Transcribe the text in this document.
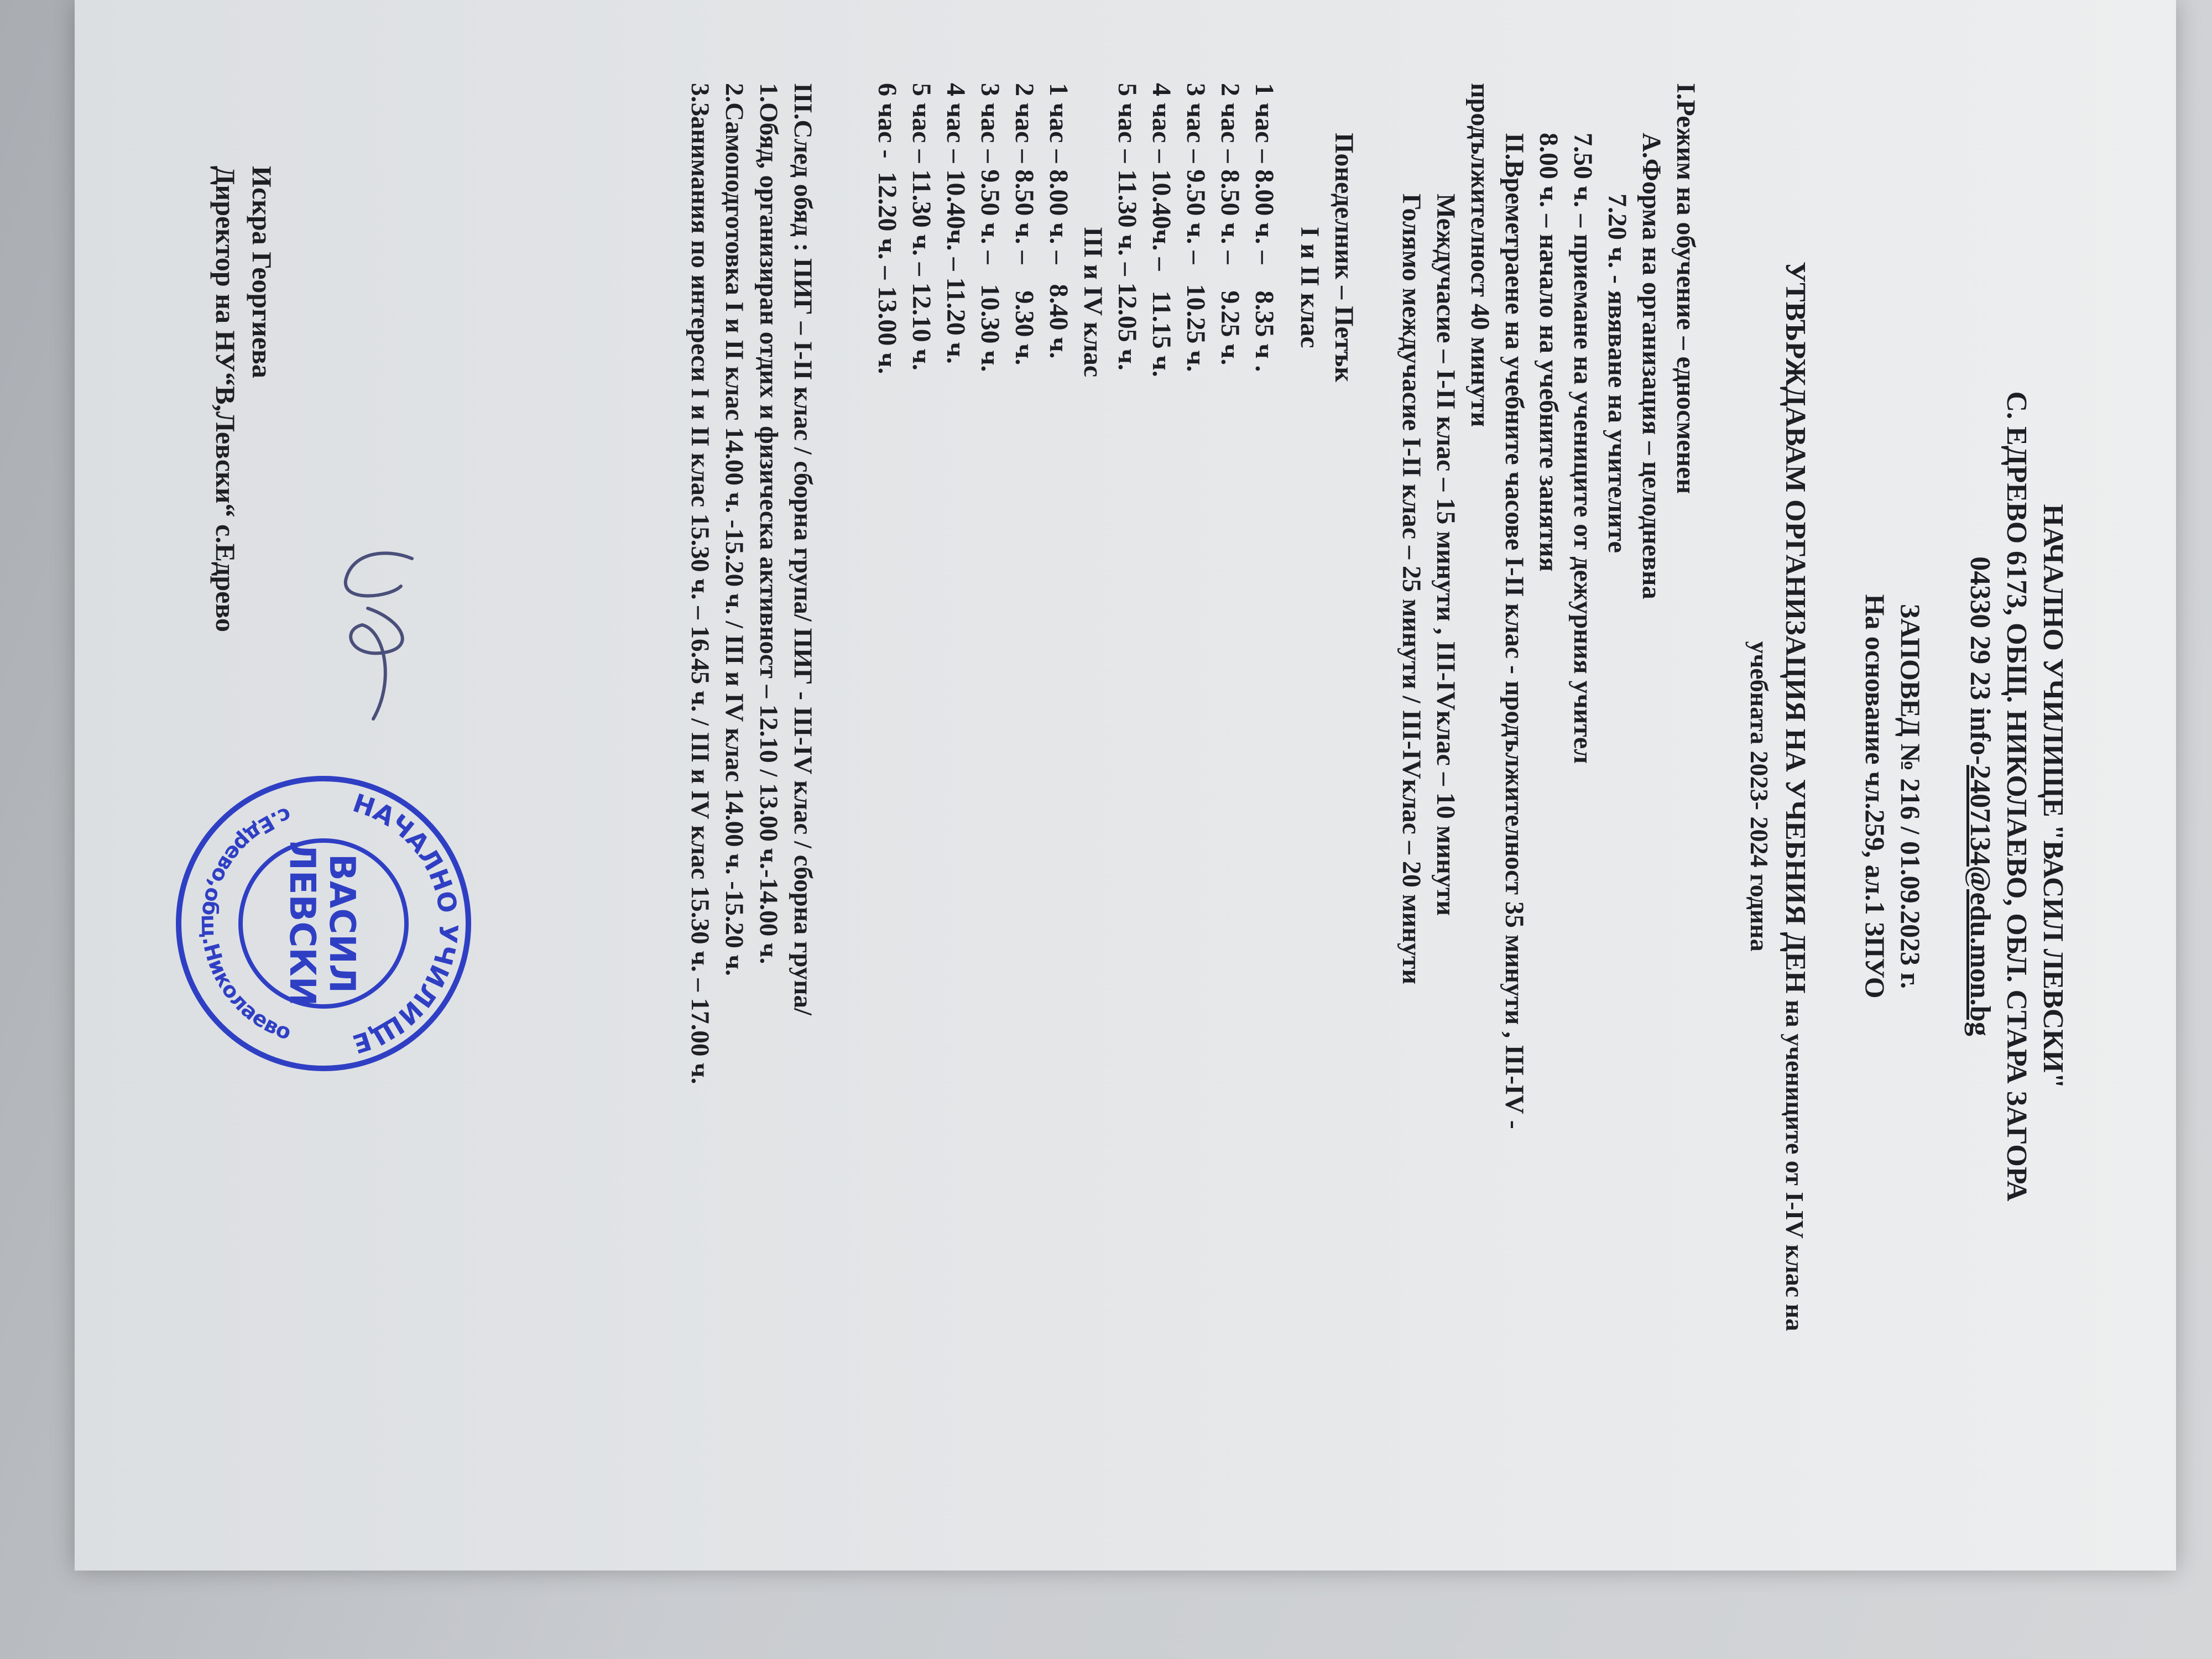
НАЧАЛНО УЧИЛИЩЕ "ВАСИЛ ЛЕВСКИ"
С. ЕДРЕВО 6173, ОБЩ. НИКОЛАЕВО, ОБЛ. СТАРА ЗАГОРА
04330 29 23 info-2407134@edu.mon.bg
ЗАПОВЕД № 216 / 01.09.2023 г.
На основание чл.259, ал.1 ЗПУО
УТВЪРЖДАВАМ ОРГАНИЗАЦИЯ НА УЧЕБНИЯ ДЕН на учениците от I-IV клас на
учебната 2023- 2024 година
I.Режим на обучение – едносменен
А.Форма на организация – целодневна
7.20 ч. - явяване на учителите
7.50 ч. – приемане на учениците от дежурния учител
8.00 ч. – начало на учебните занятия
II.Времетраене на учебните часове I-II клас - продължителност 35 минути , III-IV -
продължителност 40 минути
Междучасие – I-II клас – 15 минути , III-IVклас – 10 минути
Голямо междучасие I-II клас – 25 минути / III-IVклас – 20 минути
Понеделник – Петък
I и II клас
1 час – 8.00 ч. –    8.35 ч .
2 час – 8.50 ч. –    9.25 ч.
3 час – 9.50 ч. –   10.25 ч.
4 час – 10.40ч. –   11.15 ч.
5 час – 11.30 ч. – 12.05 ч.
III и IV клас
1 час – 8.00 ч. –   8.40 ч.
2 час – 8.50 ч. –    9.30 ч.
3 час – 9.50 ч. –   10.30 ч.
4 час – 10.40ч. – 11.20 ч.
5 час – 11.30 ч. – 12.10 ч.
6 час -  12.20 ч. – 13.00 ч.
III.След обяд : ПИГ – I-II клас / сборна група/ ПИГ - III-IV клас / сборна група/
1.Обяд, организиран отдих и физическа активност – 12.10 / 13.00 ч.-14.00 ч.
2.Самоподготовка I и II клас 14.00 ч. -15.20 ч. / III и IV клас 14.00 ч. -15.20 ч.
3.Занимания по интереси I и II клас 15.30 ч. – 16.45 ч. / III и IV клас 15.30 ч. – 17.00 ч.
Искра Георгиева
Директор на НУ“В,Левски“ с.Едрево
НАЧАЛНО УЧИЛИЩЕ
с.Едрево,общ.Николаево
ВАСИЛ
ЛЕВСКИ
